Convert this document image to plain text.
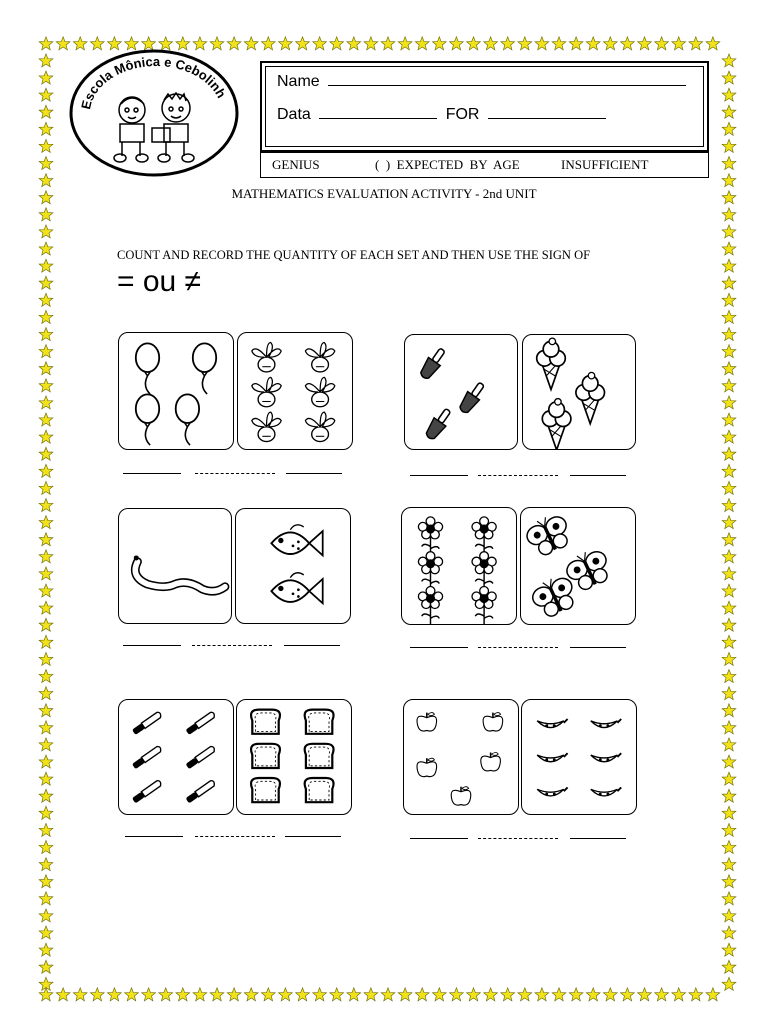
Escola Mônica e Cebolinh
Name
Data	FOR
GENIUS	(  )  EXPECTED  BY  AGE	INSUFFICIENT
MATHEMATICS EVALUATION ACTIVITY - 2nd UNIT
COUNT AND RECORD THE QUANTITY OF EACH SET AND THEN USE THE SIGN OF
= ou ≠
